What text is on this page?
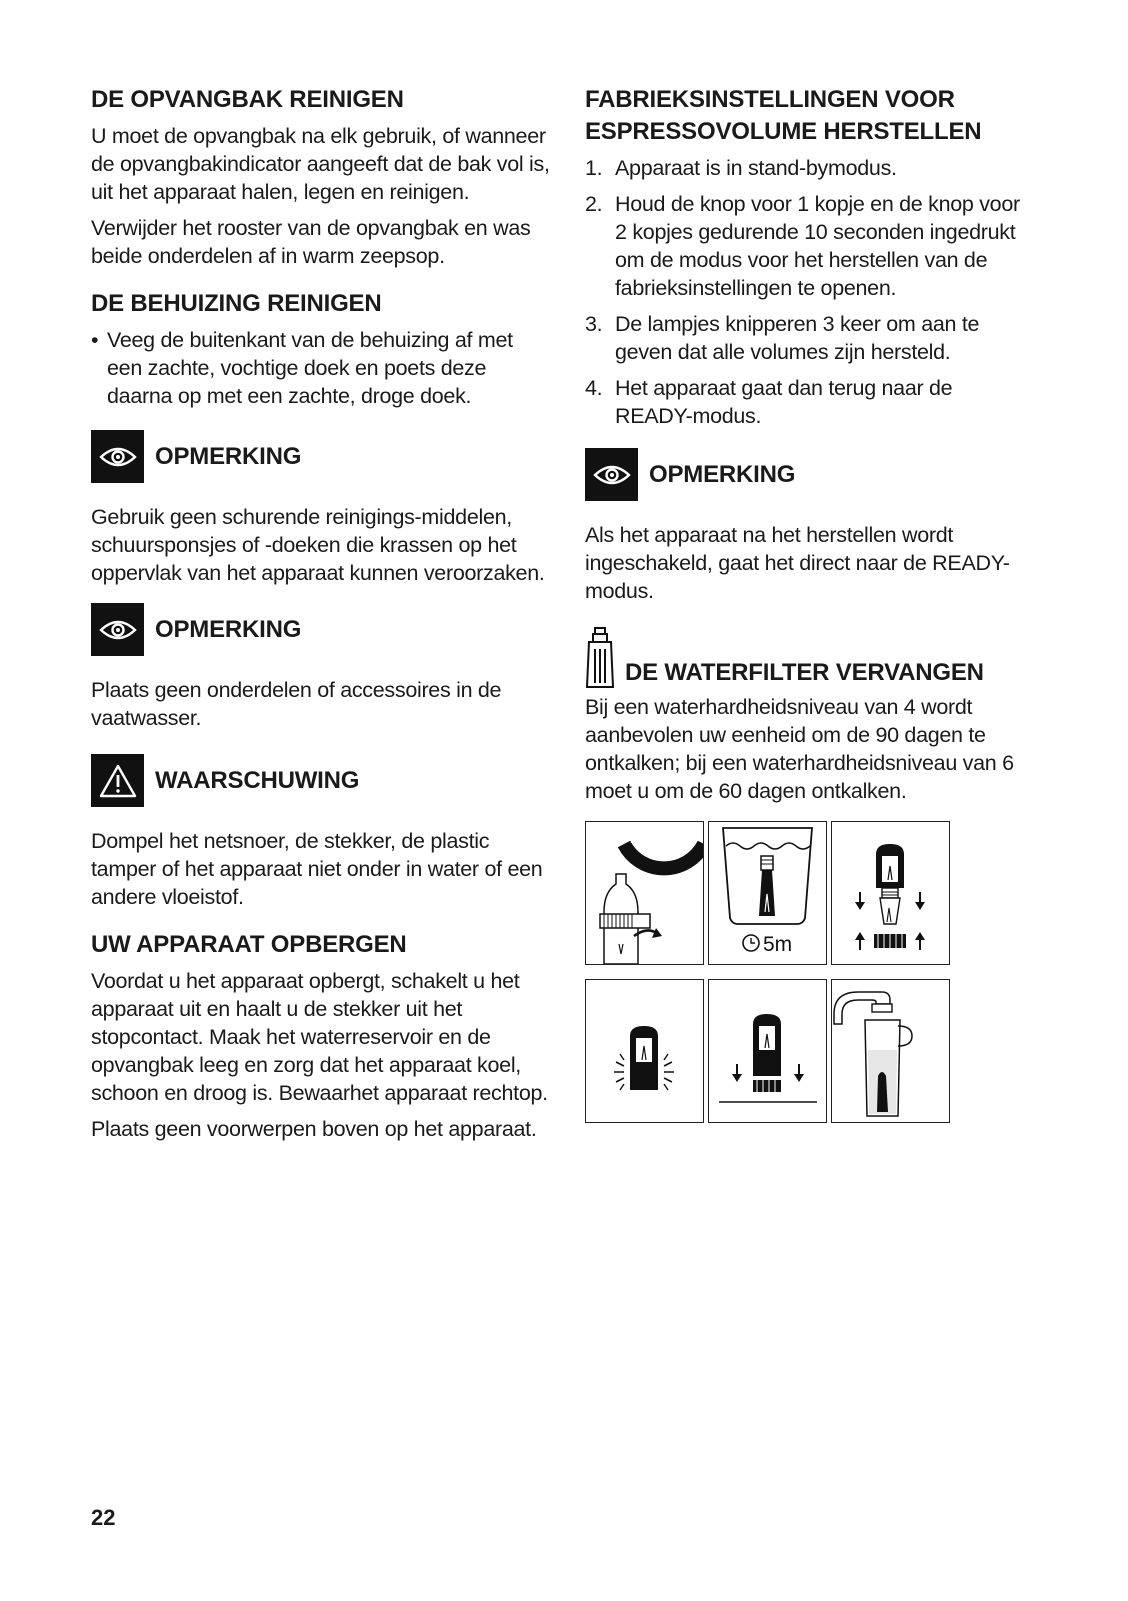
DE OPVANGBAK REINIGEN

U moet de opvangbak na elk gebruik, of wanneer de opvangbakindicator aangeeft dat de bak vol is, uit het apparaat halen, legen en reinigen.

Verwijder het rooster van de opvangbak en was beide onderdelen af in warm zeepsop.

DE BEHUIZING REINIGEN
• Veeg de buitenkant van de behuizing af met een zachte, vochtige doek en poets deze daarna op met een zachte, droge doek.
OPMERKING

Gebruik geen schurende reinigings-middelen, schuursponsjes of -doeken die krassen op het oppervlak van het apparaat kunnen veroorzaken.

OPMERKING

Plaats geen onderdelen of accessoires in de vaatwasser.

WAARSCHUWING

Dompel het netsnoer, de stekker, de plastic tamper of het apparaat niet onder in water of een andere vloeistof.

UW APPARAAT OPBERGEN

Voordat u het apparaat opbergt, schakelt u het apparaat uit en haalt u de stekker uit het stopcontact. Maak het waterreservoir en de opvangbak leeg en zorg dat het apparaat koel, schoon en droog is. Bewaarhet apparaat rechtop.

Plaats geen voorwerpen boven op het apparaat.

FABRIEKSINSTELLINGEN VOOR ESPRESSOVOLUME HERSTELLEN
1. Apparaat is in stand-bymodus.
2. Houd de knop voor 1 kopje en de knop voor 2 kopjes gedurende 10 seconden ingedrukt om de modus voor het herstellen van de fabrieksinstellingen te openen.
3. De lampjes knipperen 3 keer om aan te geven dat alle volumes zijn hersteld.
4. Het apparaat gaat dan terug naar de READY-modus.
OPMERKING

Als het apparaat na het herstellen wordt ingeschakeld, gaat het direct naar de READY-modus.

DE WATERFILTER VERVANGEN

Bij een waterhardheidsniveau van 4 wordt aanbevolen uw eenheid om de 90 dagen te ontkalken; bij een waterhardheidsniveau van 6 moet u om de 60 dagen ontkalken.

IN 1 2 1 2
OUT
5m
22
